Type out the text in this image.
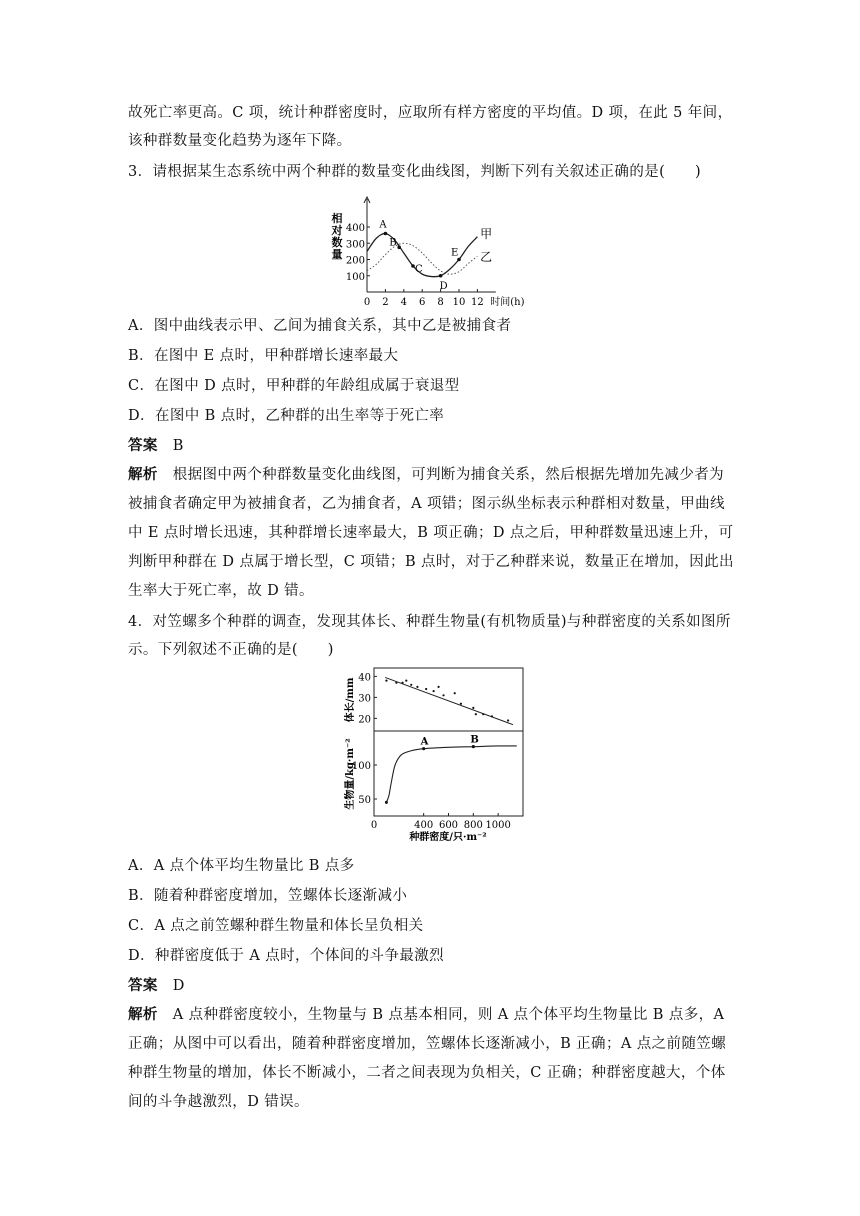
故死亡率更高。C 项，统计种群密度时，应取所有样方密度的平均值。D 项，在此 5 年间，
该种群数量变化趋势为逐年下降。
3．请根据某生态系统中两个种群的数量变化曲线图，判断下列有关叙述正确的是(　　)
100
200
300
400
0 2 4 6 8 10 12 时间(h)
相
对
数
量
甲
乙
A
B
C
D
E
A．图中曲线表示甲、乙间为捕食关系，其中乙是被捕食者
B．在图中 E 点时，甲种群增长速率最大
C．在图中 D 点时，甲种群的年龄组成属于衰退型
D．在图中 B 点时，乙种群的出生率等于死亡率
答案　 B
解析　 根据图中两个种群数量变化曲线图，可判断为捕食关系，然后根据先增加先减少者为
被捕食者确定甲为被捕食者，乙为捕食者，A 项错；图示纵坐标表示种群相对数量，甲曲线
中 E 点时增长迅速，其种群增长速率最大，B 项正确；D 点之后，甲种群数量迅速上升，可
判断甲种群在 D 点属于增长型，C 项错；B 点时，对于乙种群来说，数量正在增加，因此出
生率大于死亡率，故 D 错。
4．对笠螺多个种群的调查，发现其体长、种群生物量(有机物质量)与种群密度的关系如图所
示。下列叙述不正确的是(　　)
20
30
40
体长/mm
50
100
生物量/kg·m⁻²	A	B
0	400 600 800 1000
种群密度/只·m⁻²
A．A 点个体平均生物量比 B 点多
B．随着种群密度增加，笠螺体长逐渐减小
C．A 点之前笠螺种群生物量和体长呈负相关
D．种群密度低于 A 点时，个体间的斗争最激烈
答案　 D
解析　 A 点种群密度较小，生物量与 B 点基本相同，则 A 点个体平均生物量比 B 点多，A
正确；从图中可以看出，随着种群密度增加，笠螺体长逐渐减小，B 正确；A 点之前随笠螺
种群生物量的增加，体长不断减小，二者之间表现为负相关，C 正确；种群密度越大，个体
间的斗争越激烈，D 错误。
